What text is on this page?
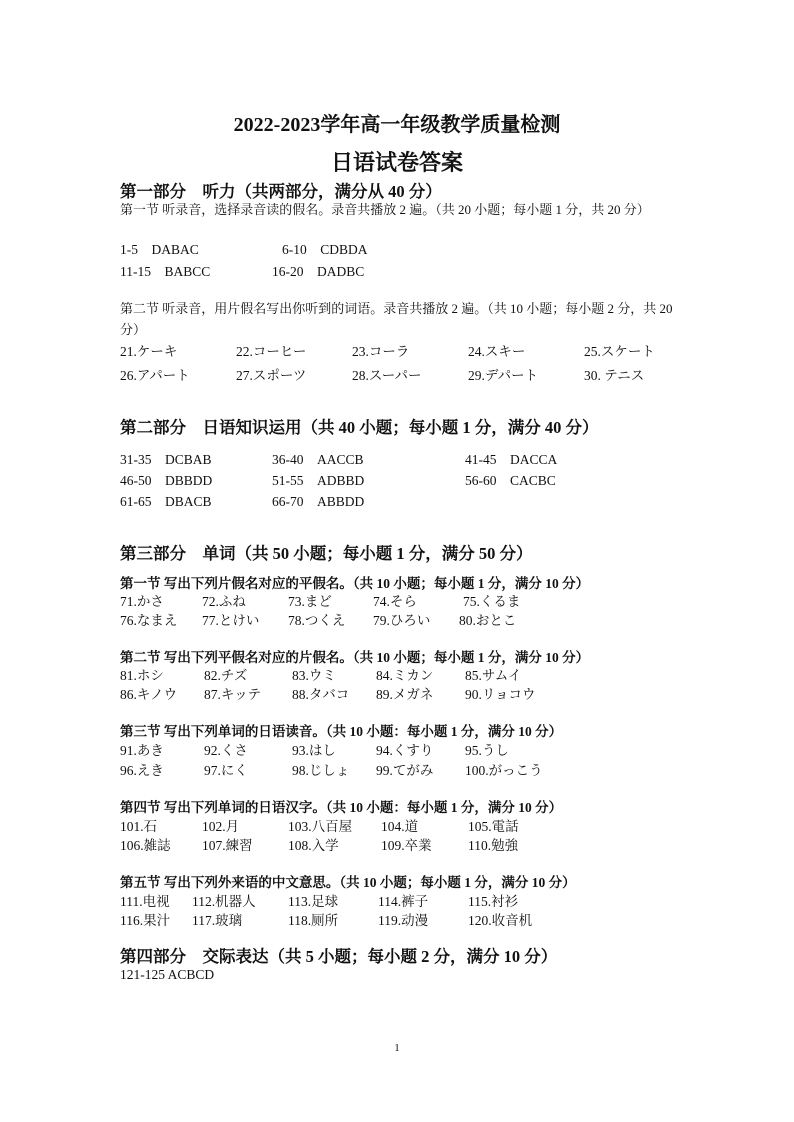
2022-2023学年高一年级教学质量检测
日语试卷答案
第一部分　听力（共两部分，满分从 40 分）

第一节 听录音，选择录音读的假名。录音共播放 2 遍。（共 20 小题；每小题 1 分，共 20 分）

1-5　DABAC	6-10　CDBDA
11-15　BABCC	16-20　DADBC

第二节 听录音，用片假名写出你听到的词语。录音共播放 2 遍。（共 10 小题；每小题 2 分，共 20 分）

21.ケーキ	22.コーヒー	23.コーラ	24.スキー	25.スケート
26.アパート	27.スポーツ	28.スーパー	29.デパート	30. テニス
第二部分　日语知识运用（共 40 小题；每小题 1 分，满分 40 分）
31-35　DCBAB	36-40　AACCB	41-45　DACCA
46-50　DBBDD	51-55　ADBBD	56-60　CACBC
61-65　DBACB	66-70　ABBDD
第三部分　单词（共 50 小题；每小题 1 分，满分 50 分）
第一节 写出下列片假名对应的平假名。（共 10 小题；每小题 1 分，满分 10 分）
71.かさ	72.ふね	73.まど	74.そら	75.くるま
76.なまえ 77.とけい 78.つくえ 79.ひろい 80.おとこ
第二节 写出下列平假名对应的片假名。（共 10 小题；每小题 1 分，满分 10 分）
81.ホシ	82.チズ	83.ウミ	84.ミカン 85.サムイ
86.キノウ 87.キッテ 88.タバコ 89.メガネ 90.リョコウ
第三节 写出下列单词的日语读音。（共 10 小题：每小题 1 分，满分 10 分）
91.あき	92.くさ	93.はし	94.くすり 95.うし
96.えき	97.にく	98.じしょ 99.てがみ 100.がっこう
第四节 写出下列单词的日语汉字。（共 10 小题：每小题 1 分，满分 10 分）
101.石	102.月	103.八百屋 104.道	105.電話
106.雑誌 107.練習	108.入学	109.卒業	110.勉強
第五节 写出下列外来语的中文意思。（共 10 小题；每小题 1 分，满分 10 分）
111.电视 112.机器人 113.足球	114.裤子	115.衬衫
116.果汁 117.玻璃	118.厕所	119.动漫	120.收音机
第四部分　交际表达（共 5 小题；每小题 2 分，满分 10 分）
121-125 ACBCD
1
